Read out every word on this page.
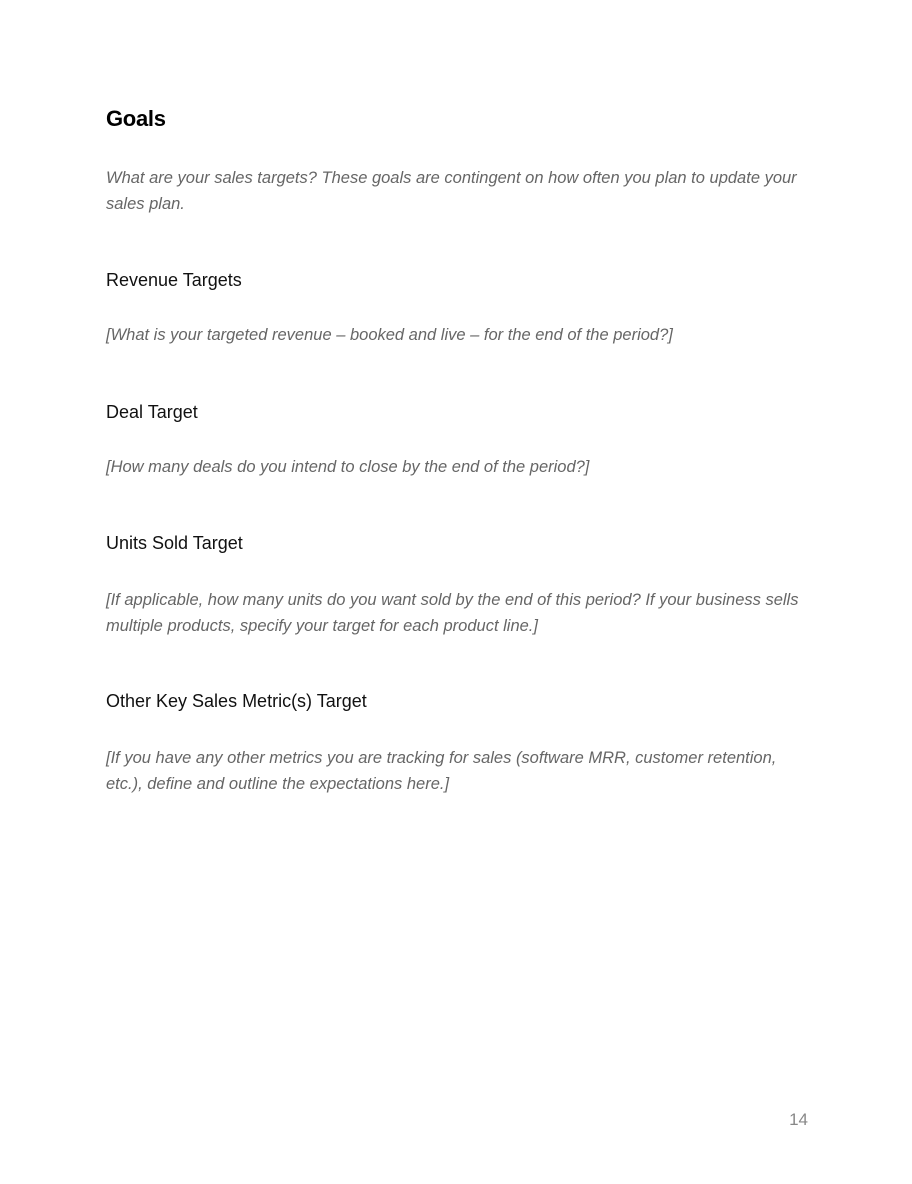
Goals

What are your sales targets? These goals are contingent on how often you plan to update your sales plan.

Revenue Targets

[What is your targeted revenue – booked and live – for the end of the period?]

Deal Target

[How many deals do you intend to close by the end of the period?]

Units Sold Target

[If applicable, how many units do you want sold by the end of this period? If your business sells multiple products, specify your target for each product line.]

Other Key Sales Metric(s) Target

[If you have any other metrics you are tracking for sales (software MRR, customer retention, etc.), define and outline the expectations here.]

14
